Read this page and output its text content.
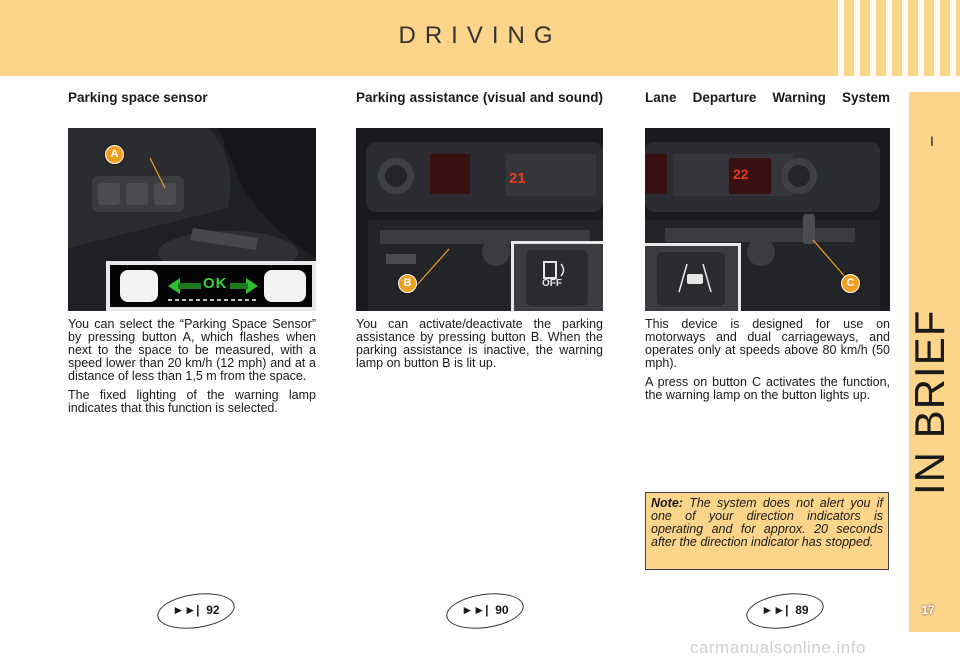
DRIVING
I
IN BRIEF
17
Parking space sensor
OK
A

You can select the “Parking Space Sensor” by pressing button A, which flashes when next to the space to be measured, with a speed lower than 20 km/h (12 mph) and at a distance of less than 1,5 m from the space.

The fixed lighting of the warning lamp indicates that this function is selected.

Parking assistance (visual and sound)
21
OFF
B

You can activate/deactivate the parking assistance by pressing button B. When the parking assistance is inactive, the warning lamp on button B is lit up.

Lane Departure Warning System
22
C

This device is designed for use on motorways and dual carriageways, and operates only at speeds above 80 km/h (50 mph).

A press on button C activates the function, the warning lamp on the button lights up.

Note: The system does not alert you if one of your direction indicators is operating and for approx. 20 seconds after the direction indicator has stopped.
►►| 92	►►| 90	►►| 89
carmanualsonline.info
